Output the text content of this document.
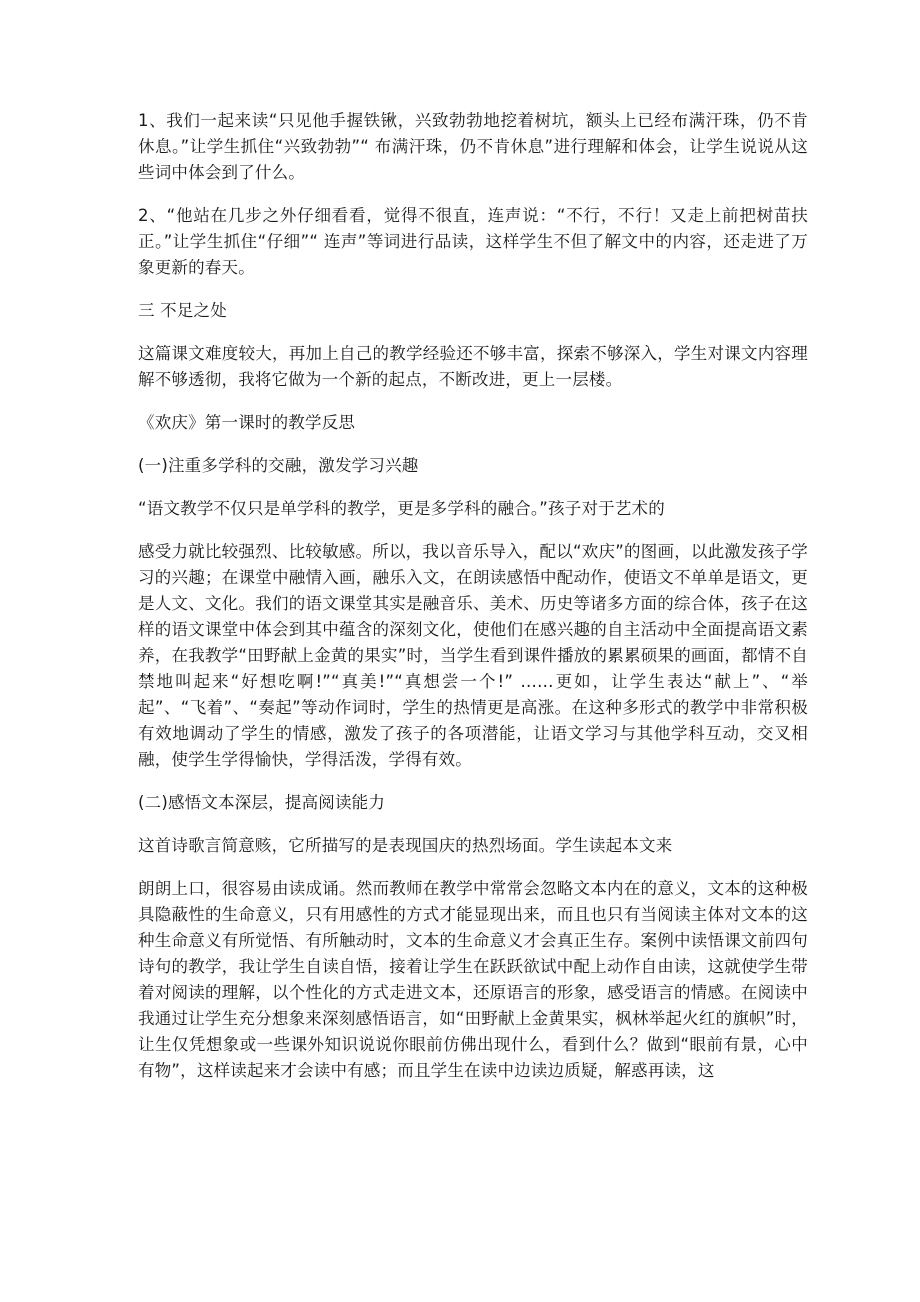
1、我们一起来读“只见他手握铁锹，兴致勃勃地挖着树坑，额头上已经布满汗珠，仍不肯休息。”让学生抓住“兴致勃勃”“ 布满汗珠，仍不肯休息”进行理解和体会，让学生说说从这些词中体会到了什么。

2、“他站在几步之外仔细看看，觉得不很直，连声说：“不行，不行！又走上前把树苗扶正。”让学生抓住“仔细”“ 连声”等词进行品读，这样学生不但了解文中的内容，还走进了万象更新的春天。

三 不足之处

这篇课文难度较大，再加上自己的教学经验还不够丰富，探索不够深入，学生对课文内容理解不够透彻，我将它做为一个新的起点，不断改进，更上一层楼。

《欢庆》第一课时的教学反思

(一)注重多学科的交融，激发学习兴趣

“语文教学不仅只是单学科的教学，更是多学科的融合。”孩子对于艺术的

感受力就比较强烈、比较敏感。所以，我以音乐导入，配以“欢庆”的图画，以此激发孩子学习的兴趣；在课堂中融情入画，融乐入文，在朗读感悟中配动作，使语文不单单是语文，更是人文、文化。我们的语文课堂其实是融音乐、美术、历史等诸多方面的综合体，孩子在这样的语文课堂中体会到其中蕴含的深刻文化，使他们在感兴趣的自主活动中全面提高语文素养，在我教学“田野献上金黄的果实”时，当学生看到课件播放的累累硕果的画面，都情不自禁地叫起来“好想吃啊!”“真美!”“真想尝一个!” ……更如，让学生表达“献上”、“举起”、“飞着”、“奏起”等动作词时，学生的热情更是高涨。在这种多形式的教学中非常积极有效地调动了学生的情感，激发了孩子的各项潜能，让语文学习与其他学科互动，交叉相融，使学生学得愉快，学得活泼，学得有效。

(二)感悟文本深层，提高阅读能力

这首诗歌言简意赅，它所描写的是表现国庆的热烈场面。学生读起本文来

朗朗上口，很容易由读成诵。然而教师在教学中常常会忽略文本内在的意义，文本的这种极具隐蔽性的生命意义，只有用感性的方式才能显现出来，而且也只有当阅读主体对文本的这种生命意义有所觉悟、有所触动时，文本的生命意义才会真正生存。案例中读悟课文前四句诗句的教学，我让学生自读自悟，接着让学生在跃跃欲试中配上动作自由读，这就使学生带着对阅读的理解，以个性化的方式走进文本，还原语言的形象，感受语言的情感。在阅读中我通过让学生充分想象来深刻感悟语言，如“田野献上金黄果实，枫林举起火红的旗帜”时，让生仅凭想象或一些课外知识说说你眼前仿佛出现什么，看到什么？做到“眼前有景，心中有物”，这样读起来才会读中有感；而且学生在读中边读边质疑，解惑再读，这
